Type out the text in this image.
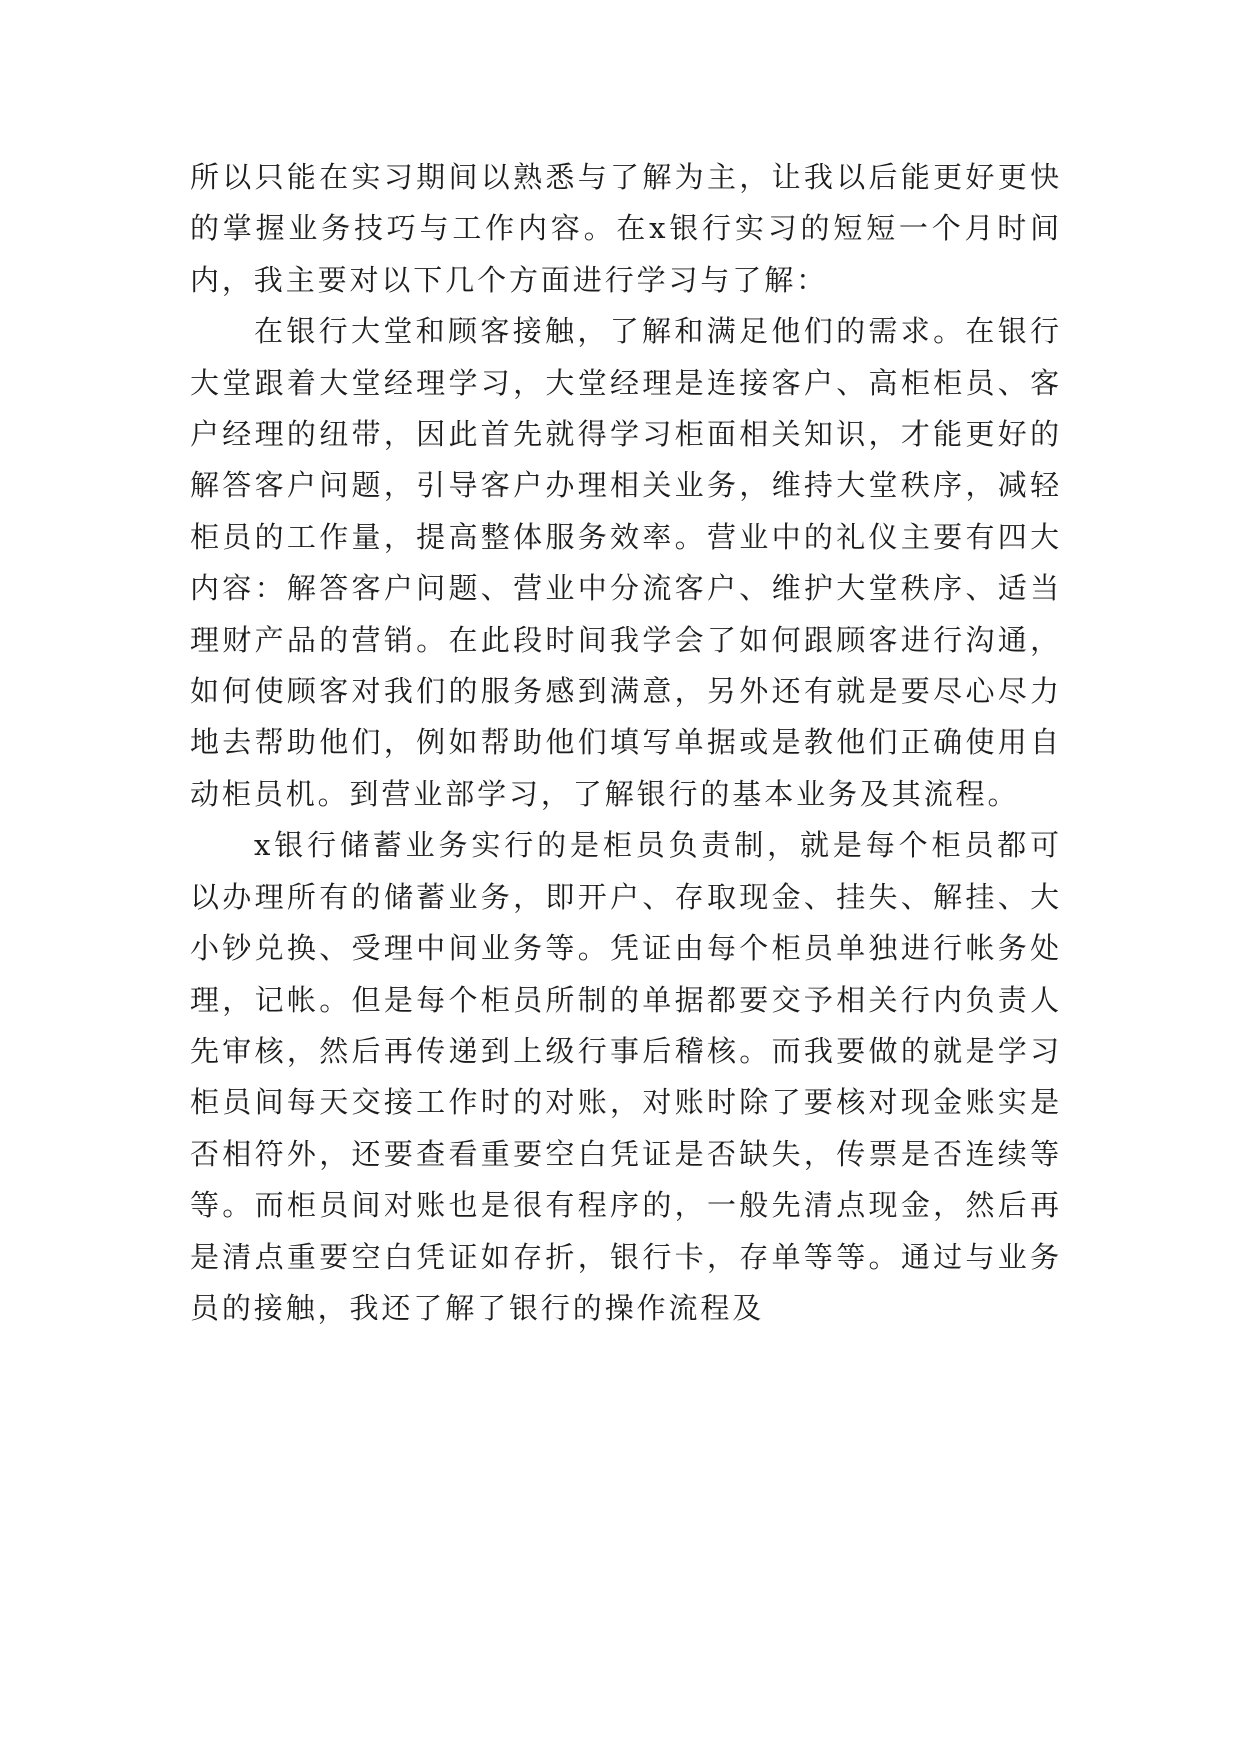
所以只能在实习期间以熟悉与了解为主，让我以后能更好更快的掌握业务技巧与工作内容。在x银行实习的短短一个月时间内，我主要对以下几个方面进行学习与了解：

在银行大堂和顾客接触，了解和满足他们的需求。在银行大堂跟着大堂经理学习，大堂经理是连接客户、高柜柜员、客户经理的纽带，因此首先就得学习柜面相关知识，才能更好的解答客户问题，引导客户办理相关业务，维持大堂秩序，减轻柜员的工作量，提高整体服务效率。营业中的礼仪主要有四大内容：解答客户问题、营业中分流客户、维护大堂秩序、适当理财产品的营销。在此段时间我学会了如何跟顾客进行沟通，如何使顾客对我们的服务感到满意，另外还有就是要尽心尽力地去帮助他们，例如帮助他们填写单据或是教他们正确使用自动柜员机。到营业部学习，了解银行的基本业务及其流程。

x银行储蓄业务实行的是柜员负责制，就是每个柜员都可以办理所有的储蓄业务，即开户、存取现金、挂失、解挂、大小钞兑换、受理中间业务等。凭证由每个柜员单独进行帐务处理，记帐。但是每个柜员所制的单据都要交予相关行内负责人先审核，然后再传递到上级行事后稽核。而我要做的就是学习柜员间每天交接工作时的对账，对账时除了要核对现金账实是否相符外，还要查看重要空白凭证是否缺失，传票是否连续等等。而柜员间对账也是很有程序的，一般先清点现金，然后再是清点重要空白凭证如存折，银行卡，存单等等。通过与业务员的接触，我还了解了银行的操作流程及
